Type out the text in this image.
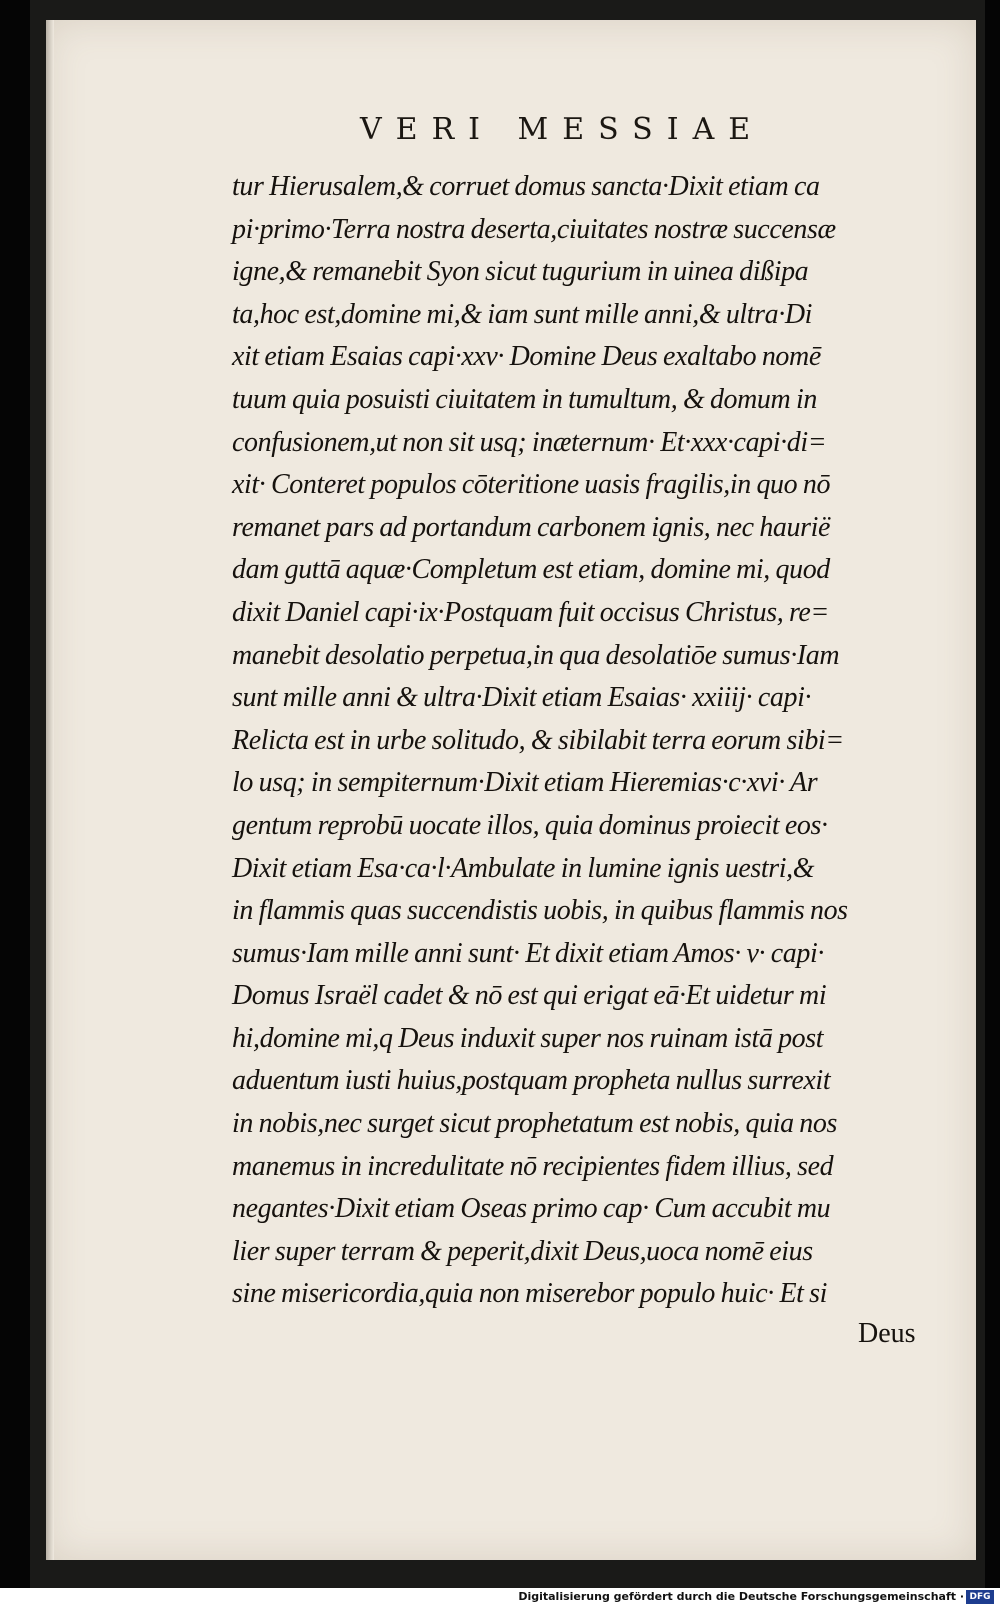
VERI MESSIAE
tur Hierusalem,& corruet domus sancta·Dixit etiam ca
pi·primo·Terra nostra deserta,ciuitates nostræ succensæ
igne,& remanebit Syon sicut tugurium in uinea dißipa
ta,hoc est,domine mi,& iam sunt mille anni,& ultra·Di
xit etiam Esaias capi·xxv· Domine Deus exaltabo nomē
tuum quia posuisti ciuitatem in tumultum, & domum in
confusionem,ut non sit usq; inæternum· Et·xxx·capi·di=
xit· Conteret populos cōteritione uasis fragilis,in quo nō
remanet pars ad portandum carbonem ignis, nec haurië
dam guttā aquæ·Completum est etiam, domine mi, quod
dixit Daniel capi·ix·Postquam fuit occisus Christus, re=
manebit desolatio perpetua,in qua desolatiōe sumus·Iam
sunt mille anni & ultra·Dixit etiam Esaias· xxiiij· capi·
Relicta est in urbe solitudo, & sibilabit terra eorum sibi=
lo usq; in sempiternum·Dixit etiam Hieremias·c·xvi· Ar
gentum reprobū uocate illos, quia dominus proiecit eos·
Dixit etiam Esa·ca·l·Ambulate in lumine ignis uestri,&
in flammis quas succendistis uobis, in quibus flammis nos
sumus·Iam mille anni sunt· Et dixit etiam Amos· v· capi·
Domus Israël cadet & nō est qui erigat eā·Et uidetur mi
hi,domine mi,q Deus induxit super nos ruinam istā post
aduentum iusti huius,postquam propheta nullus surrexit
in nobis,nec surget sicut prophetatum est nobis, quia nos
manemus in incredulitate nō recipientes fidem illius, sed
negantes·Dixit etiam Oseas primo cap· Cum accubit mu
lier super terram & peperit,dixit Deus,uoca nomē eius
sine misericordia,quia non miserebor populo huic· Et si
Deus
Digitalisierung gefördert durch die Deutsche Forschungsgemeinschaft · DFG
